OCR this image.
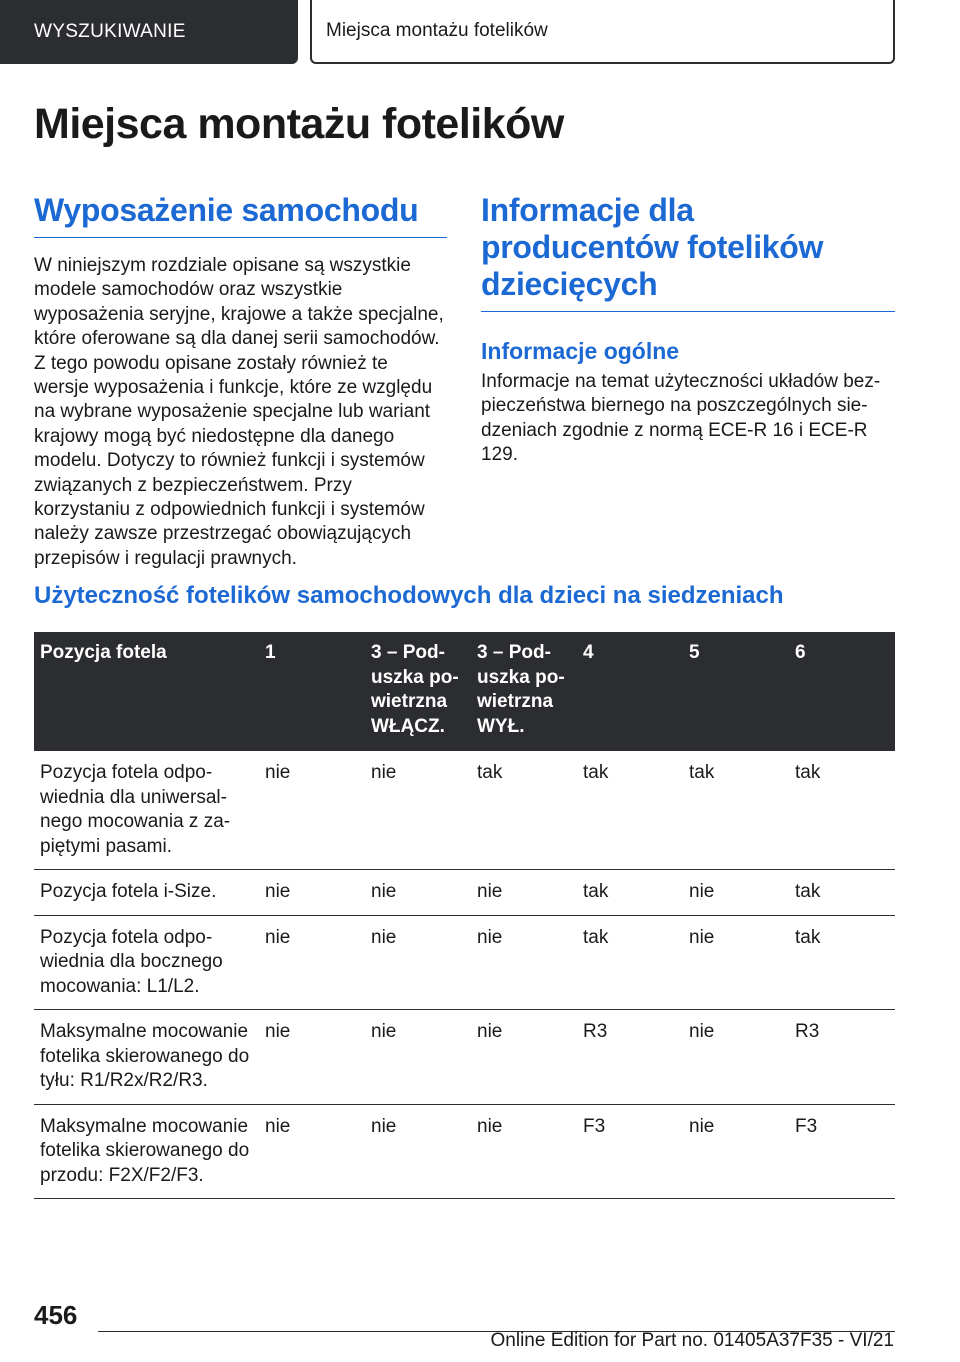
WYSZUKIWANIE	Miejsca montażu fotelików
Miejsca montażu fotelików
Wyposażenie samochodu

W niniejszym rozdziale opisane są wszystkie modele samochodów oraz wszystkie wyposażenia seryjne, krajowe a także specjalne, które oferowane są dla danej serii samochodów. Z tego powodu opisane zostały również te wersje wyposażenia i funkcje, które ze względu na wybrane wyposażenie specjalne lub wariant krajowy mogą być niedostępne dla danego modelu. Dotyczy to również funkcji i systemów związanych z bezpieczeństwem. Przy korzystaniu z odpowiednich funkcji i systemów należy zawsze przestrzegać obowiązujących przepisów i regulacji prawnych.

Informacje dla producentów fotelików dziecięcych
Informacje ogólne

Informacje na temat użyteczności układów bezpieczeństwa biernego na poszczególnych siedzeniach zgodnie z normą ECE-R 16 i ECE-R 129.

Użyteczność fotelików samochodowych dla dzieci na siedzeniach
Pozycja fotela	1	3 – Poduszka powietrzna WŁĄCZ.	3 – Poduszka powietrzna WYŁ.	4	5	6
Pozycja fotela odpowiednia dla uniwersalnego mocowania z zapiętymi pasami.	nie	nie	tak	tak	tak	tak
Pozycja fotela i-Size.	nie	nie	nie	tak	nie	tak
Pozycja fotela odpowiednia dla bocznego mocowania: L1/L2.	nie	nie	nie	tak	nie	tak
Maksymalne mocowanie fotelika skierowanego do tyłu: R1/R2x/R2/R3.	nie	nie	nie	R3	nie	R3
Maksymalne mocowanie fotelika skierowanego do przodu: F2X/F2/F3.	nie	nie	nie	F3	nie	F3
456
Online Edition for Part no. 01405A37F35 - VI/21
